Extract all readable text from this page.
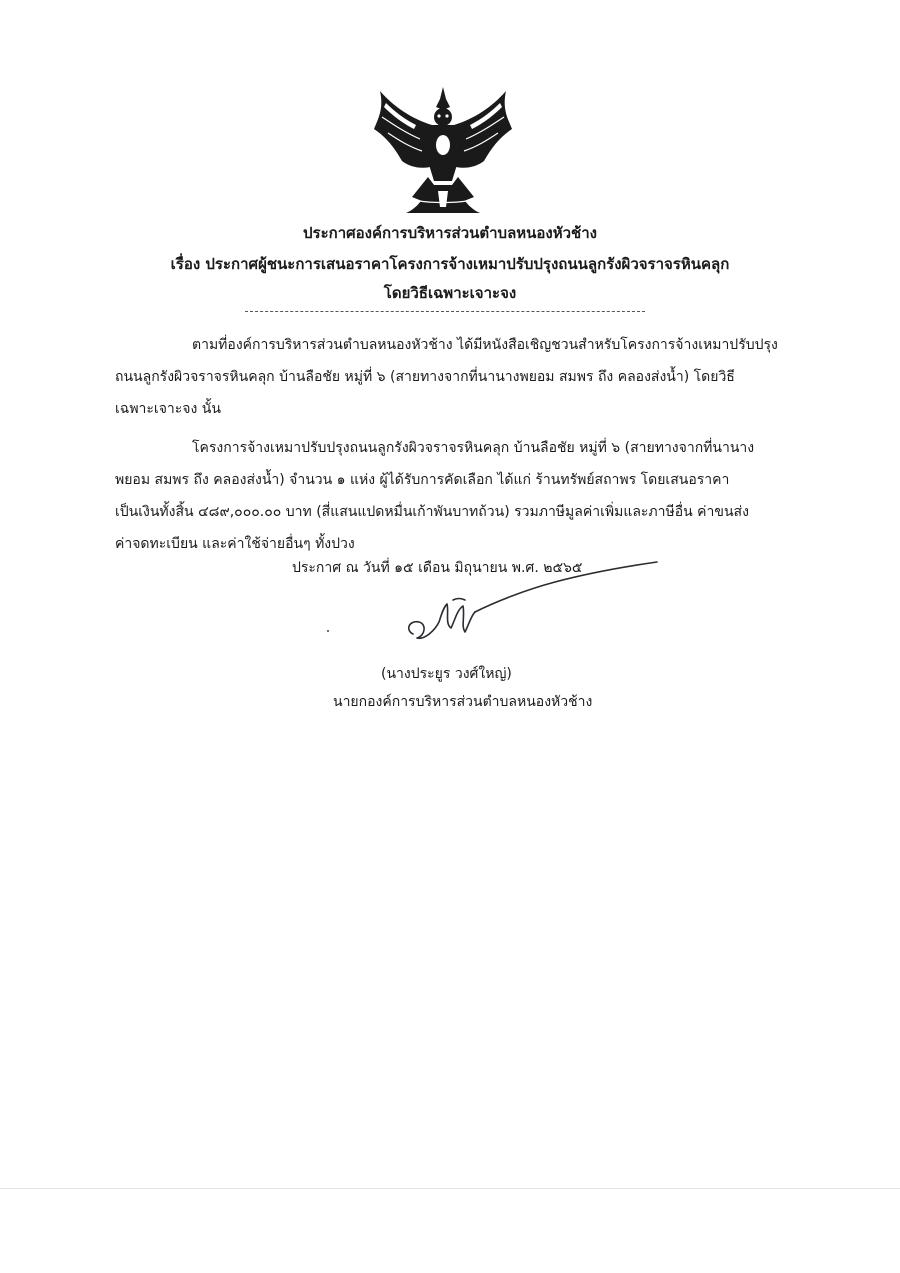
ประกาศองค์การบริหารส่วนตำบลหนองหัวช้าง
เรื่อง ประกาศผู้ชนะการเสนอราคาโครงการจ้างเหมาปรับปรุงถนนลูกรังผิวจราจรหินคลุก
โดยวิธีเฉพาะเจาะจง
ตามที่องค์การบริหารส่วนตำบลหนองหัวช้าง ได้มีหนังสือเชิญชวนสำหรับโครงการจ้างเหมาปรับปรุง
ถนนลูกรังผิวจราจรหินคลุก บ้านลือชัย หมู่ที่ ๖ (สายทางจากที่นานางพยอม สมพร ถึง คลองส่งน้ำ) โดยวิธี
เฉพาะเจาะจง นั้น
โครงการจ้างเหมาปรับปรุงถนนลูกรังผิวจราจรหินคลุก บ้านลือชัย หมู่ที่ ๖ (สายทางจากที่นานาง
พยอม สมพร ถึง คลองส่งน้ำ) จำนวน ๑ แห่ง ผู้ได้รับการคัดเลือก ได้แก่ ร้านทรัพย์สถาพร โดยเสนอราคา
เป็นเงินทั้งสิ้น ๔๘๙,๐๐๐.๐๐ บาท (สี่แสนแปดหมื่นเก้าพันบาทถ้วน) รวมภาษีมูลค่าเพิ่มและภาษีอื่น ค่าขนส่ง
ค่าจดทะเบียน และค่าใช้จ่ายอื่นๆ ทั้งปวง
ประกาศ ณ วันที่ ๑๕ เดือน มิถุนายน พ.ศ. ๒๕๖๕
(นางประยูร วงศ์ใหญ่)
นายกองค์การบริหารส่วนตำบลหนองหัวช้าง
